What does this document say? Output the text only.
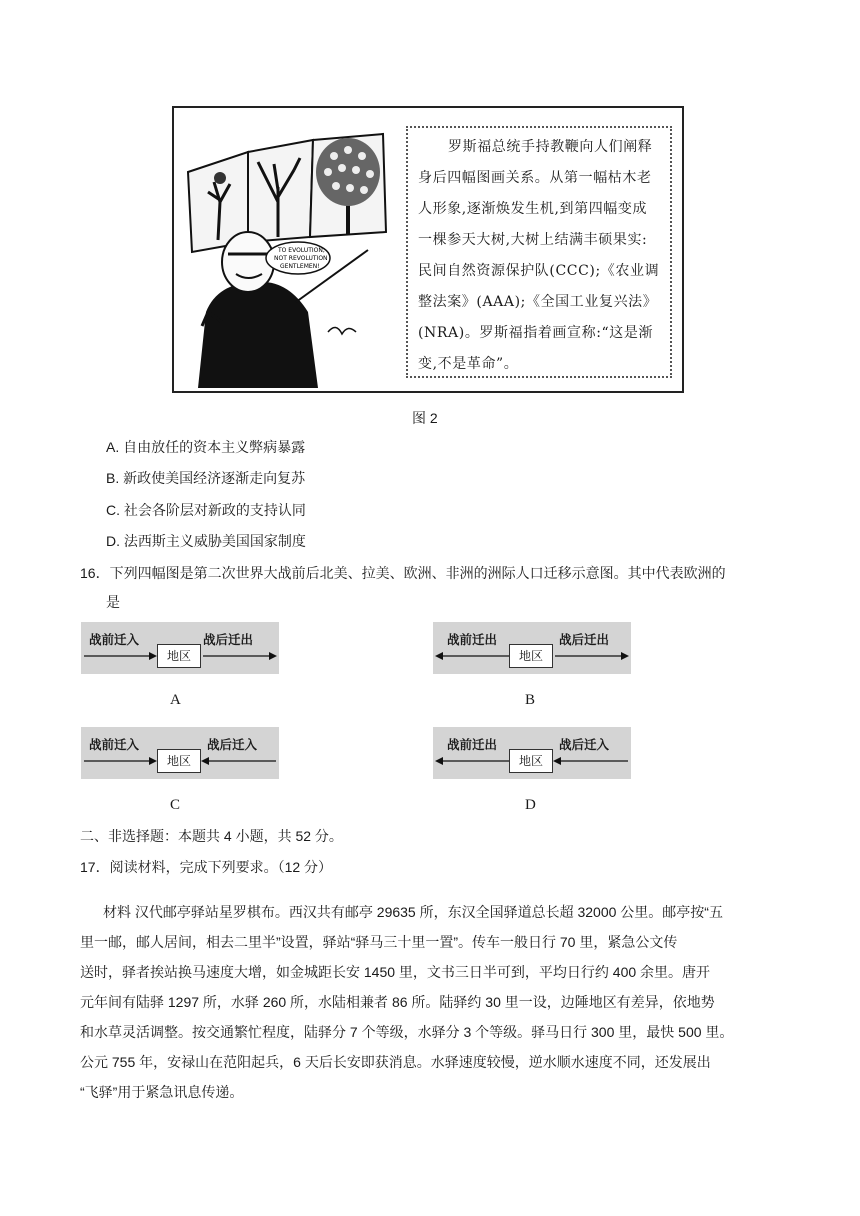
TO EVOLUTION,
NOT REVOLUTION
GENTLEMEN!
罗斯福总统手持教鞭向人们阐释
身后四幅图画关系。从第一幅枯木老
人形象,逐渐焕发生机,到第四幅变成
一棵参天大树,大树上结满丰硕果实:
民间自然资源保护队(CCC);《农业调
整法案》(AAA);《全国工业复兴法》
(NRA)。罗斯福指着画宣称:“这是渐
变,不是革命”。
图 2
A. 自由放任的资本主义弊病暴露
B. 新政使美国经济逐渐走向复苏
C. 社会各阶层对新政的支持认同
D. 法西斯主义威胁美国国家制度
16．下列四幅图是第二次世界大战前后北美、拉美、欧洲、非洲的洲际人口迁移示意图。其中代表欧洲的
是
战前迁入	战后迁出
地区
A
战前迁出	战后迁出
地区
B
战前迁入	战后迁入
地区
C
战前迁出	战后迁入
地区
D
二、非选择题：本题共 4 小题，共 52 分。
17．阅读材料，完成下列要求。（12 分）
材料 汉代邮亭驿站星罗棋布。西汉共有邮亭 29635 所，东汉全国驿道总长超 32000 公里。邮亭按“五
里一邮，邮人居间，相去二里半”设置，驿站“驿马三十里一置”。传车一般日行 70 里，紧急公文传
送时，驿者挨站换马速度大增，如金城距长安 1450 里，文书三日半可到，平均日行约 400 余里。唐开
元年间有陆驿 1297 所，水驿 260 所，水陆相兼者 86 所。陆驿约 30 里一设，边陲地区有差异，依地势
和水草灵活调整。按交通繁忙程度，陆驿分 7 个等级，水驿分 3 个等级。驿马日行 300 里，最快 500 里。
公元 755 年，安禄山在范阳起兵，6 天后长安即获消息。水驿速度较慢，逆水顺水速度不同，还发展出
“飞驿”用于紧急讯息传递。
